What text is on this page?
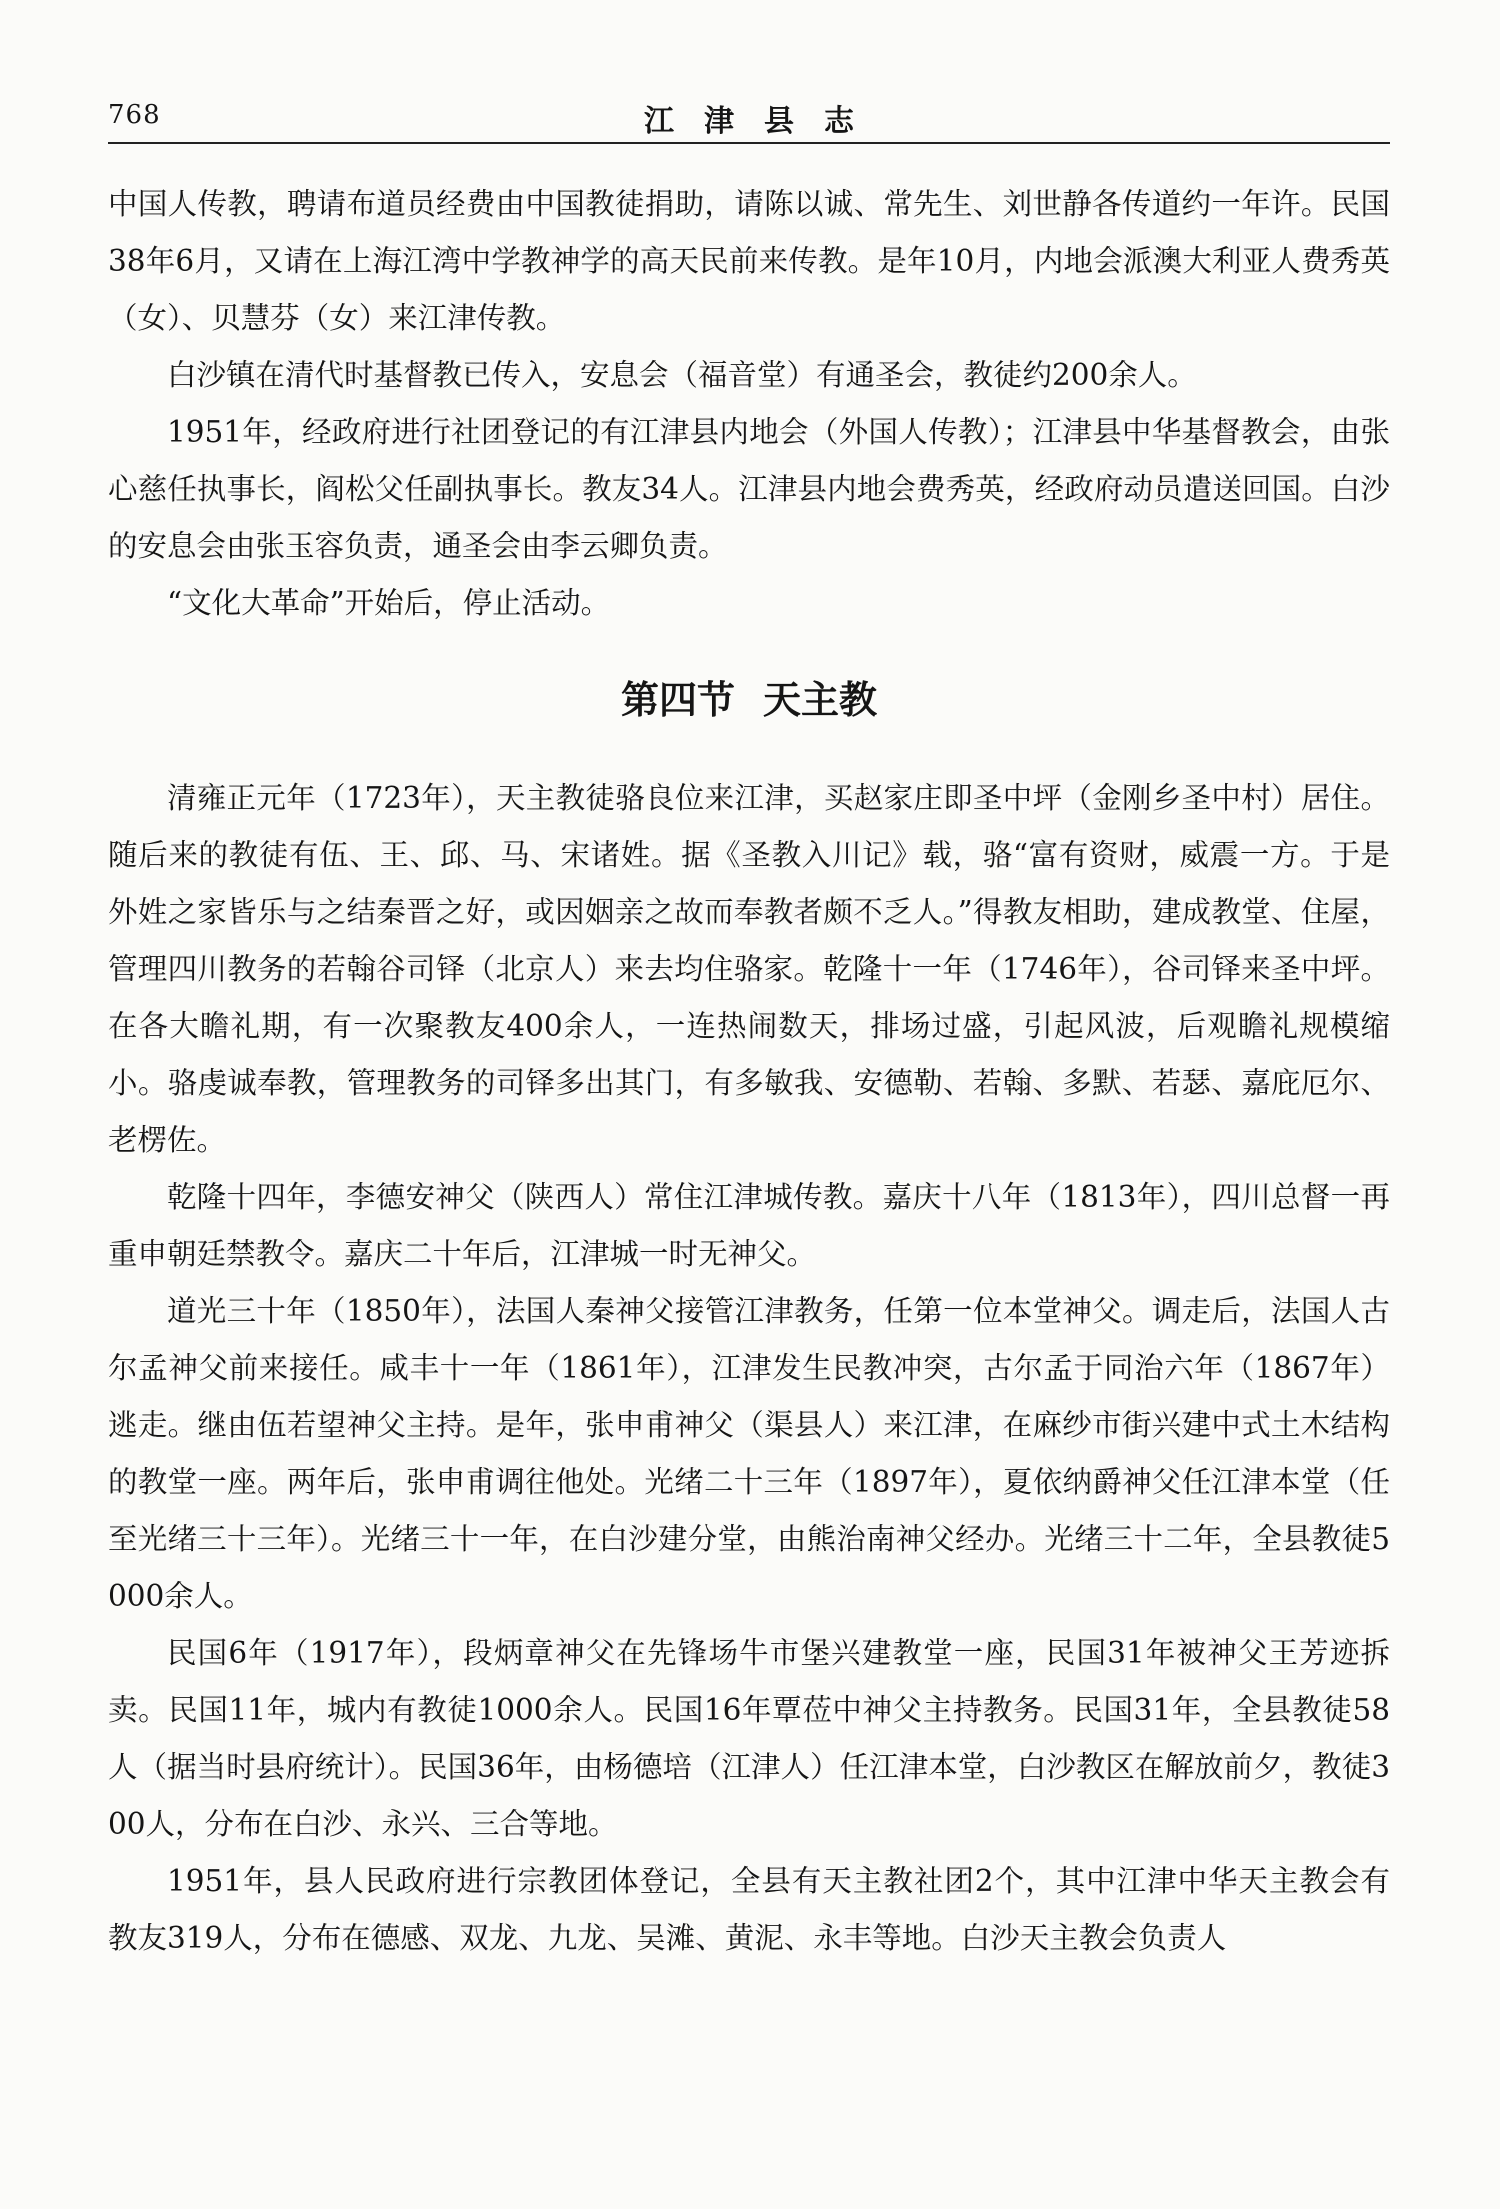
768	江津县志

中国人传教，聘请布道员经费由中国教徒捐助，请陈以诚、常先生、刘世静各传道约一年许。民国38年6月，又请在上海江湾中学教神学的高天民前来传教。是年10月，内地会派澳大利亚人费秀英（女）、贝慧芬（女）来江津传教。

白沙镇在清代时基督教已传入，安息会（福音堂）有通圣会，教徒约200余人。

1951年，经政府进行社团登记的有江津县内地会（外国人传教）；江津县中华基督教会，由张心慈任执事长，阎松父任副执事长。教友34人。江津县内地会费秀英，经政府动员遣送回国。白沙的安息会由张玉容负责，通圣会由李云卿负责。

“文化大革命”开始后，停止活动。

第四节 天主教

清雍正元年（1723年），天主教徒骆良位来江津，买赵家庄即圣中坪（金刚乡圣中村）居住。随后来的教徒有伍、王、邱、马、宋诸姓。据《圣教入川记》载，骆“富有资财，威震一方。于是外姓之家皆乐与之结秦晋之好，或因姻亲之故而奉教者颇不乏人。”得教友相助，建成教堂、住屋，管理四川教务的若翰谷司铎（北京人）来去均住骆家。乾隆十一年（1746年），谷司铎来圣中坪。在各大瞻礼期，有一次聚教友400余人，一连热闹数天，排场过盛，引起风波，后观瞻礼规模缩小。骆虔诚奉教，管理教务的司铎多出其门，有多敏我、安德勒、若翰、多默、若瑟、嘉庇厄尔、老楞佐。

乾隆十四年，李德安神父（陕西人）常住江津城传教。嘉庆十八年（1813年），四川总督一再重申朝廷禁教令。嘉庆二十年后，江津城一时无神父。

道光三十年（1850年），法国人秦神父接管江津教务，任第一位本堂神父。调走后，法国人古尔孟神父前来接任。咸丰十一年（1861年），江津发生民教冲突，古尔孟于同治六年（1867年）逃走。继由伍若望神父主持。是年，张申甫神父（渠县人）来江津，在麻纱市街兴建中式土木结构的教堂一座。两年后，张申甫调往他处。光绪二十三年（1897年），夏依纳爵神父任江津本堂（任至光绪三十三年）。光绪三十一年，在白沙建分堂，由熊治南神父经办。光绪三十二年，全县教徒5000余人。

民国6年（1917年），段炳章神父在先锋场牛市堡兴建教堂一座，民国31年被神父王芳迹拆卖。民国11年，城内有教徒1000余人。民国16年覃莅中神父主持教务。民国31年，全县教徒58人（据当时县府统计）。民国36年，由杨德培（江津人）任江津本堂，白沙教区在解放前夕，教徒300人，分布在白沙、永兴、三合等地。

1951年，县人民政府进行宗教团体登记，全县有天主教社团2个，其中江津中华天主教会有 教友319人，分布在德感、双龙、九龙、吴滩、黄泥、永丰等地。白沙天主教会负责人
